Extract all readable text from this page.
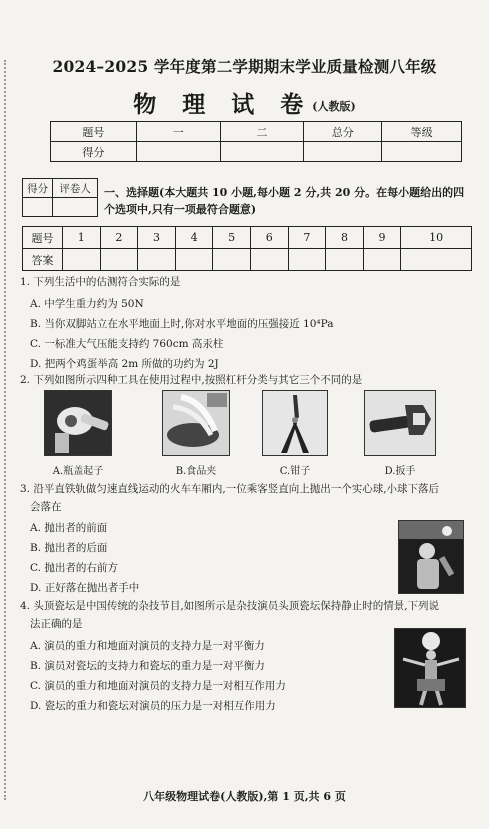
2024–2025 学年度第二学期期末学业质量检测八年级
物 理 试 卷(人教版)
题号	一	二	总分	等级
得分				
得分	评卷人
	一、选择题(本大题共 10 小题,每小题 2 分,共 20 分。在每小题给出的四个选项中,只有一项最符合题意)
题号	1	2	3	4	5	6	7	8	9	10
答案										
1. 下列生活中的估测符合实际的是
A. 中学生重力约为 50N
B. 当你双脚站立在水平地面上时,你对水平地面的压强接近 10⁴Pa
C. 一标准大气压能支持约 760cm 高汞柱
D. 把两个鸡蛋举高 2m 所做的功约为 2J
2. 下列如图所示四种工具在使用过程中,按照杠杆分类与其它三个不同的是
A.瓶盖起子	B.食品夹	C.钳子	D.扳手
3. 沿平直铁轨做匀速直线运动的火车车厢内,一位乘客竖直向上抛出一个实心球,小球下落后
会落在
A. 抛出者的前面
B. 抛出者的后面
C. 抛出者的右前方
D. 正好落在抛出者手中
4. 头顶瓷坛是中国传统的杂技节目,如图所示是杂技演员头顶瓷坛保持静止时的情景,下列说
法正确的是
A. 演员的重力和地面对演员的支持力是一对平衡力
B. 演员对瓷坛的支持力和瓷坛的重力是一对平衡力
C. 演员的重力和地面对演员的支持力是一对相互作用力
D. 瓷坛的重力和瓷坛对演员的压力是一对相互作用力
八年级物理试卷(人教版),第 1 页,共 6 页
